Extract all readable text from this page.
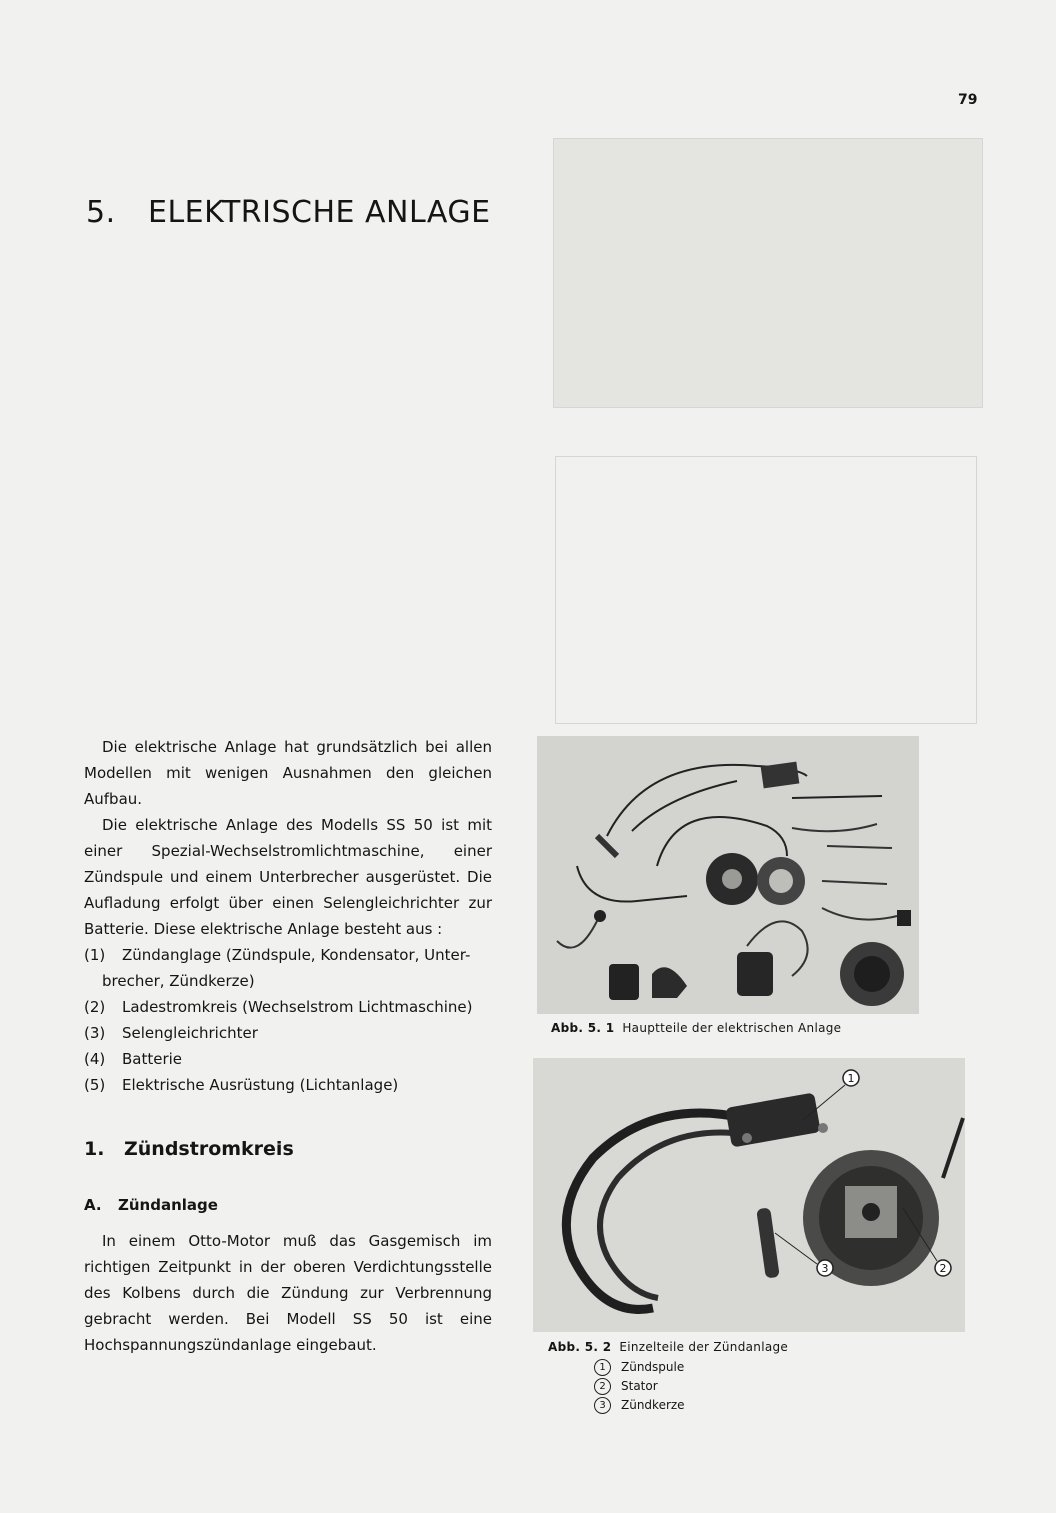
79
5. ELEKTRISCHE ANLAGE

Die elektrische Anlage hat grundsätzlich bei allen Modellen mit wenigen Ausnahmen den gleichen Aufbau.

Die elektrische Anlage des Modells SS 50 ist mit einer Spezial-Wechselstromlichtmaschine, einer Zündspule und einem Unterbrecher ausgerüstet. Die Aufladung erfolgt über einen Selengleichrichter zur Batterie. Diese elektrische Anlage besteht aus :

(1)	Zündanglage (Zündspule, Kondensator, Unter-
brecher, Zündkerze)
(2)	Ladestromkreis (Wechselstrom Lichtmaschine)
(3)	Selengleichrichter
(4)	Batterie
(5)	Elektrische Ausrüstung (Lichtanlage)
1. Zündstromkreis
A. Zündanlage

In einem Otto-Motor muß das Gasgemisch im richtigen Zeitpunkt in der oberen Verdichtungsstelle des Kolbens durch die Zündung zur Verbrennung gebracht werden. Bei Modell SS 50 ist eine Hochspannungszündanlage eingebaut.

Abb. 5. 1 Hauptteile der elektrischen Anlage
1
2
3
Abb. 5. 2 Einzelteile der Zündanlage
1	Zündspule
2	Stator
3	Zündkerze
